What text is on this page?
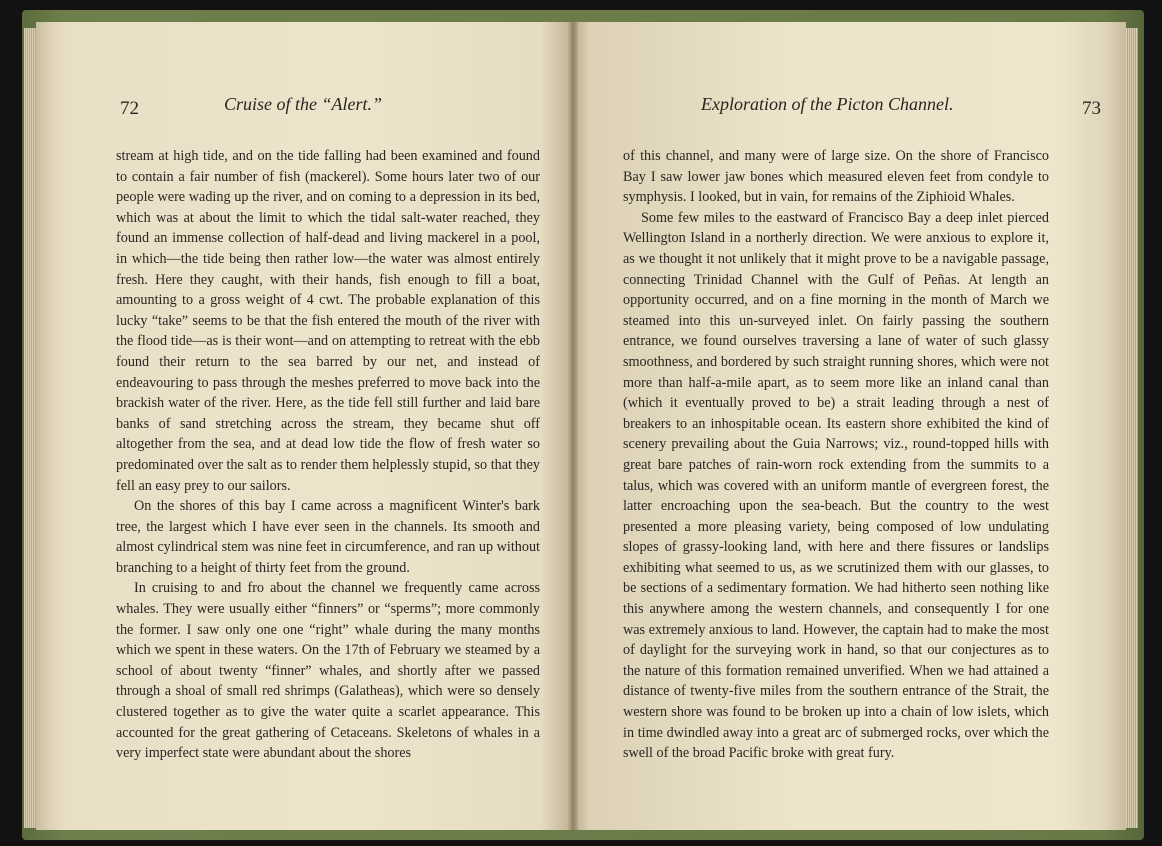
72	Cruise of the “Alert.”

stream at high tide, and on the tide falling had been examined and found to contain a fair number of fish (mackerel). Some hours later two of our people were wading up the river, and on coming to a depression in its bed, which was at about the limit to which the tidal salt-water reached, they found an immense collection of half-dead and living mackerel in a pool, in which—the tide being then rather low—the water was almost entirely fresh. Here they caught, with their hands, fish enough to fill a boat, amounting to a gross weight of 4 cwt. The probable explanation of this lucky “take” seems to be that the fish entered the mouth of the river with the flood tide—as is their wont—and on attempting to retreat with the ebb found their return to the sea barred by our net, and instead of endeavouring to pass through the meshes preferred to move back into the brackish water of the river. Here, as the tide fell still further and laid bare banks of sand stretching across the stream, they became shut off altogether from the sea, and at dead low tide the flow of fresh water so predominated over the salt as to render them helplessly stupid, so that they fell an easy prey to our sailors.

On the shores of this bay I came across a magnificent Winter's bark tree, the largest which I have ever seen in the channels. Its smooth and almost cylindrical stem was nine feet in circumference, and ran up without branching to a height of thirty feet from the ground.

In cruising to and fro about the channel we frequently came across whales. They were usually either “finners” or “sperms”; more commonly the former. I saw only one one “right” whale during the many months which we spent in these waters. On the 17th of February we steamed by a school of about twenty “finner” whales, and shortly after we passed through a shoal of small red shrimps (Galatheas), which were so densely clustered together as to give the water quite a scarlet appearance. This accounted for the great gathering of Cetaceans. Skeletons of whales in a very imperfect state were abundant about the shores

Exploration of the Picton Channel.	73

of this channel, and many were of large size. On the shore of Francisco Bay I saw lower jaw bones which measured eleven feet from condyle to symphysis. I looked, but in vain, for remains of the Ziphioid Whales.

Some few miles to the eastward of Francisco Bay a deep inlet pierced Wellington Island in a northerly direction. We were anxious to explore it, as we thought it not unlikely that it might prove to be a navigable passage, connecting Trinidad Channel with the Gulf of Peñas. At length an opportunity occurred, and on a fine morning in the month of March we steamed into this un-surveyed inlet. On fairly passing the southern entrance, we found ourselves traversing a lane of water of such glassy smoothness, and bordered by such straight running shores, which were not more than half-a-mile apart, as to seem more like an inland canal than (which it eventually proved to be) a strait leading through a nest of breakers to an inhospitable ocean. Its eastern shore exhibited the kind of scenery prevailing about the Guia Narrows; viz., round-topped hills with great bare patches of rain-worn rock extending from the summits to a talus, which was covered with an uniform mantle of evergreen forest, the latter encroaching upon the sea-beach. But the country to the west presented a more pleasing variety, being composed of low undulating slopes of grassy-looking land, with here and there fissures or landslips exhibiting what seemed to us, as we scrutinized them with our glasses, to be sections of a sedimentary formation. We had hitherto seen nothing like this anywhere among the western channels, and consequently I for one was extremely anxious to land. However, the captain had to make the most of daylight for the surveying work in hand, so that our conjectures as to the nature of this formation remained unverified. When we had attained a distance of twenty-five miles from the southern entrance of the Strait, the western shore was found to be broken up into a chain of low islets, which in time dwindled away into a great arc of submerged rocks, over which the swell of the broad Pacific broke with great fury.
